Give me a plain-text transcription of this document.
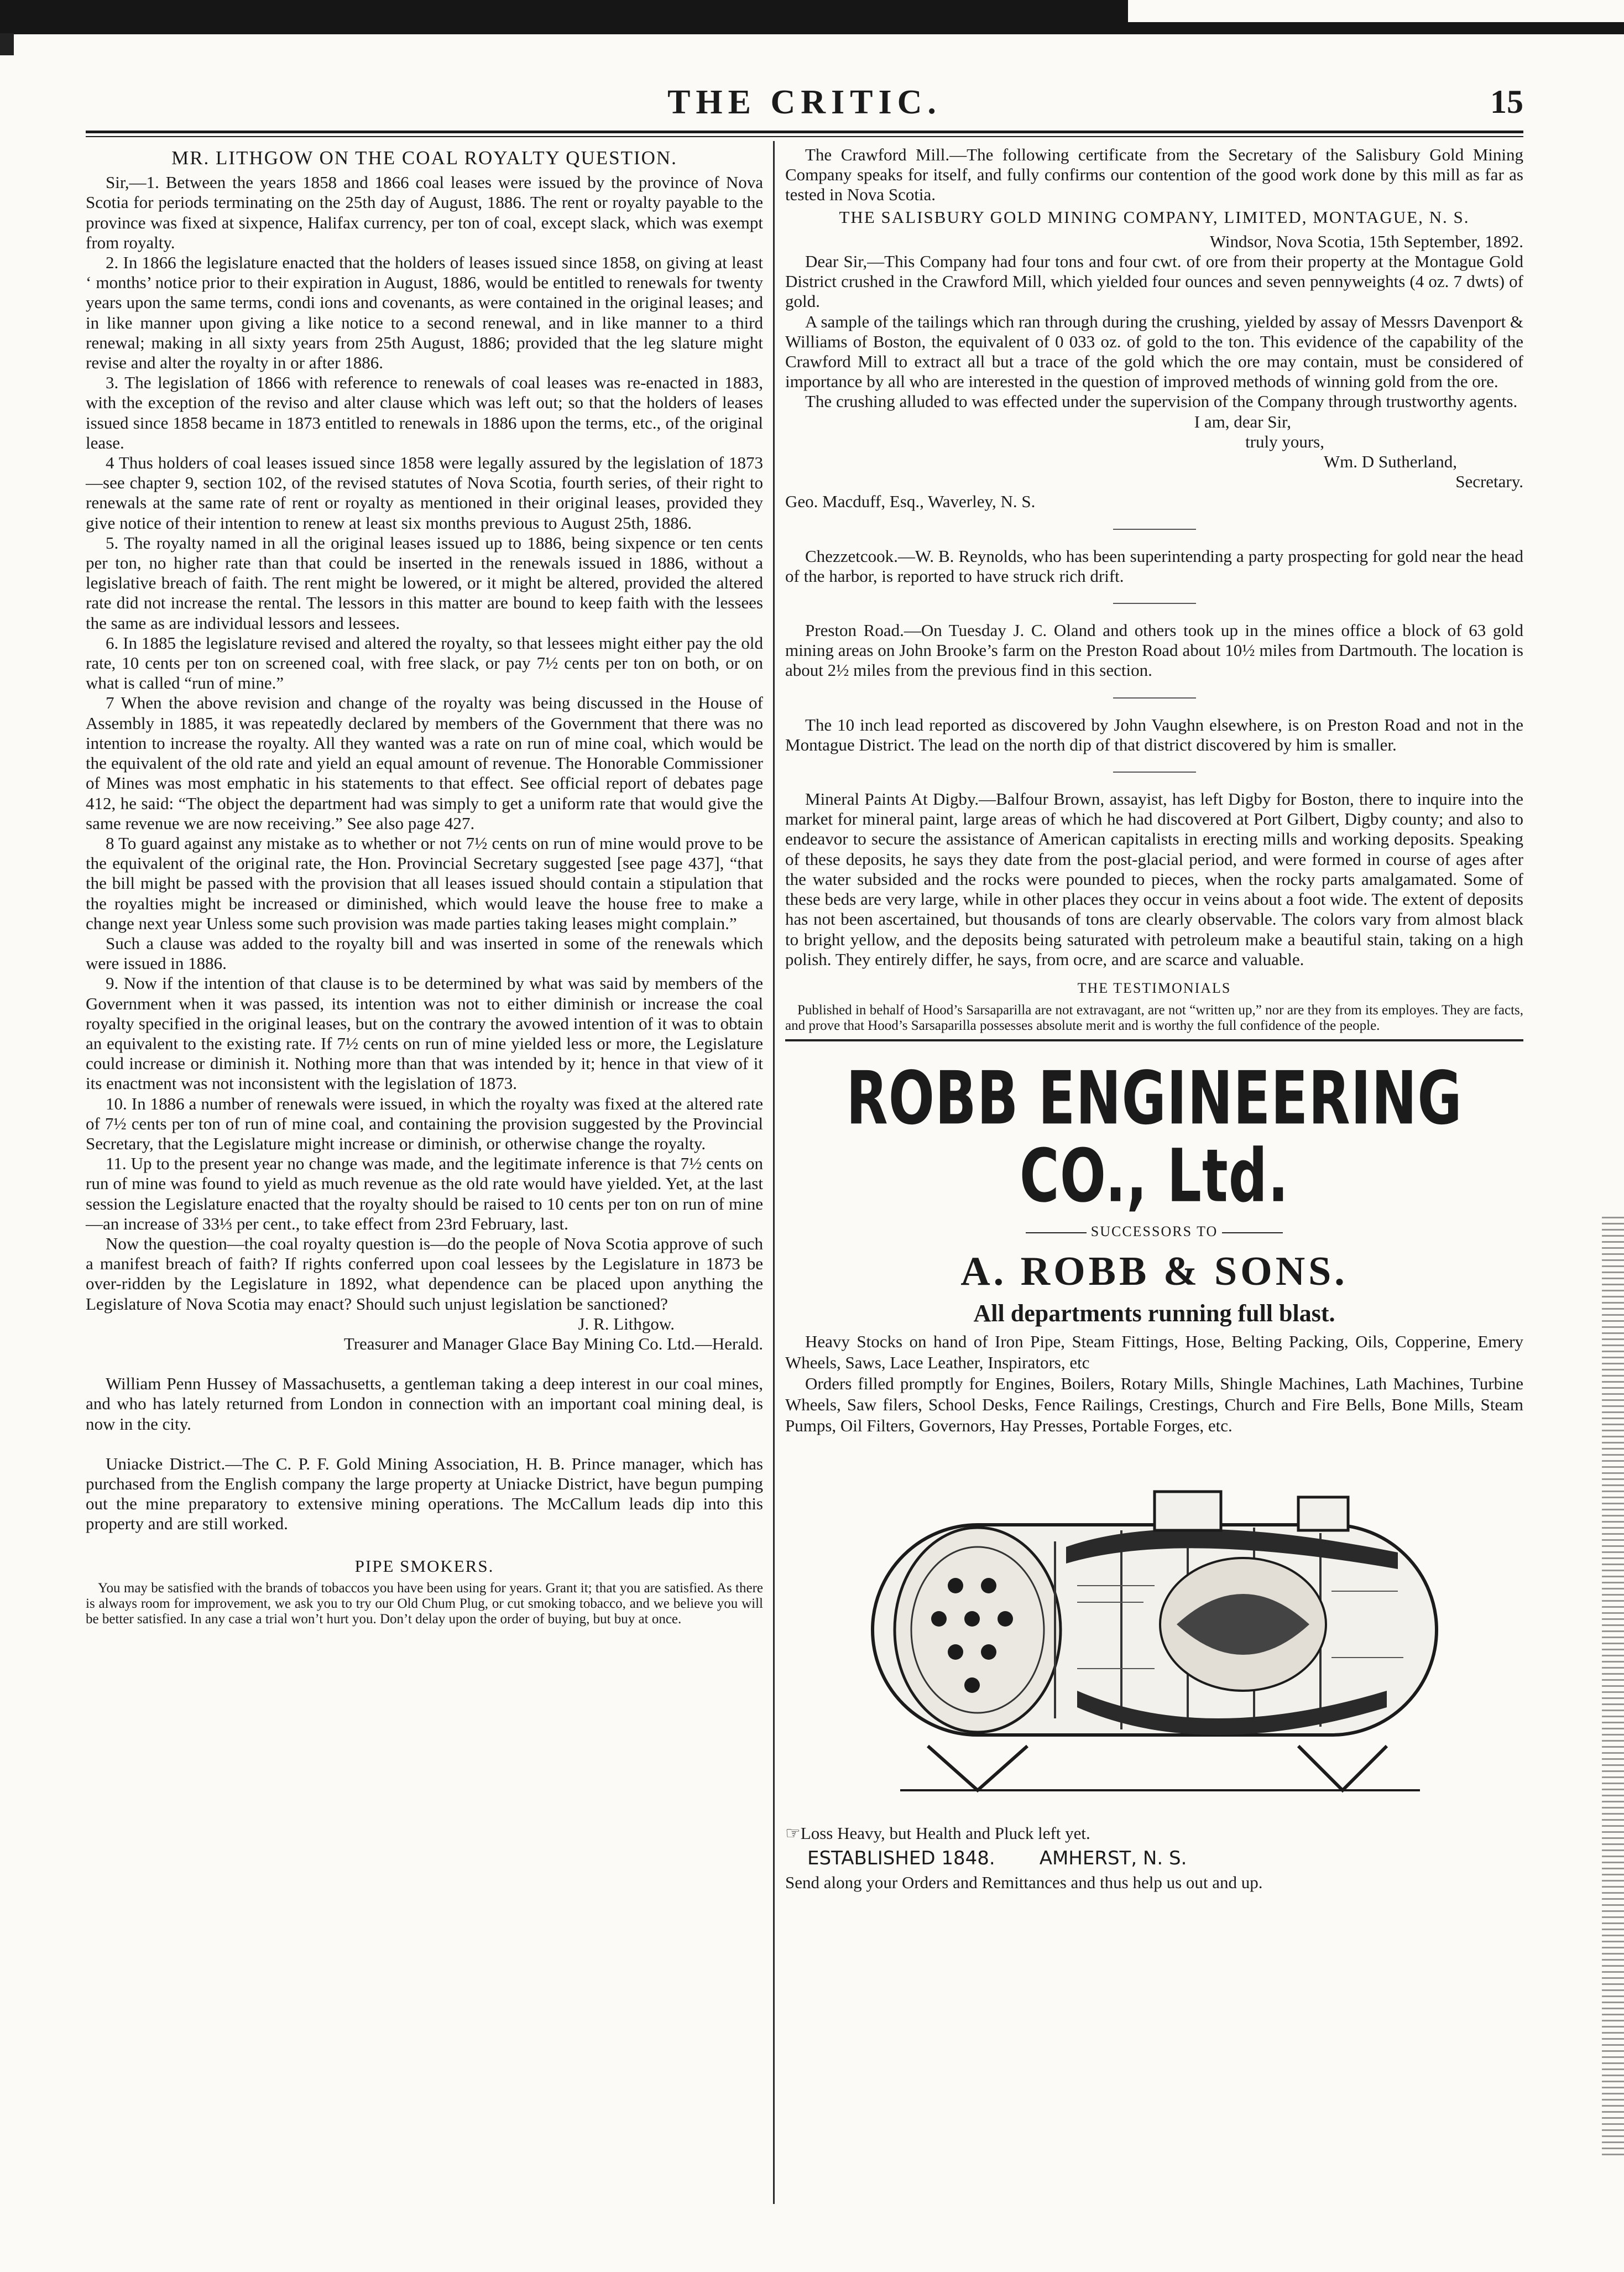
THE CRITIC.	15
MR. LITHGOW ON THE COAL ROYALTY QUESTION.

Sir,—1. Between the years 1858 and 1866 coal leases were issued by the province of Nova Scotia for periods terminating on the 25th day of August, 1886. The rent or royalty payable to the province was fixed at sixpence, Halifax currency, per ton of coal, except slack, which was exempt from royalty.

2. In 1866 the legislature enacted that the holders of leases issued since 1858, on giving at least ‘ months’ notice prior to their expiration in August, 1886, would be entitled to renewals for twenty years upon the same terms, condi ions and covenants, as were contained in the original leases; and in like manner upon giving a like notice to a second renewal, and in like manner to a third renewal; making in all sixty years from 25th August, 1886; provided that the leg slature might revise and alter the royalty in or after 1886.

3. The legislation of 1866 with reference to renewals of coal leases was re-enacted in 1883, with the exception of the reviso and alter clause which was left out; so that the holders of leases issued since 1858 became in 1873 entitled to renewals in 1886 upon the terms, etc., of the original lease.

4 Thus holders of coal leases issued since 1858 were legally assured by the legislation of 1873—see chapter 9, section 102, of the revised statutes of Nova Scotia, fourth series, of their right to renewals at the same rate of rent or royalty as mentioned in their original leases, provided they give notice of their intention to renew at least six months previous to August 25th, 1886.

5. The royalty named in all the original leases issued up to 1886, being sixpence or ten cents per ton, no higher rate than that could be inserted in the renewals issued in 1886, without a legislative breach of faith. The rent might be lowered, or it might be altered, provided the altered rate did not increase the rental. The lessors in this matter are bound to keep faith with the lessees the same as are individual lessors and lessees.

6. In 1885 the legislature revised and altered the royalty, so that lessees might either pay the old rate, 10 cents per ton on screened coal, with free slack, or pay 7½ cents per ton on both, or on what is called “run of mine.”

7 When the above revision and change of the royalty was being discussed in the House of Assembly in 1885, it was repeatedly declared by members of the Government that there was no intention to increase the royalty. All they wanted was a rate on run of mine coal, which would be the equivalent of the old rate and yield an equal amount of revenue. The Honorable Commissioner of Mines was most emphatic in his statements to that effect. See official report of debates page 412, he said: “The object the department had was simply to get a uniform rate that would give the same revenue we are now receiving.” See also page 427.

8 To guard against any mistake as to whether or not 7½ cents on run of mine would prove to be the equivalent of the original rate, the Hon. Provincial Secretary suggested [see page 437], “that the bill might be passed with the provision that all leases issued should contain a stipulation that the royalties might be increased or diminished, which would leave the house free to make a change next year Unless some such provision was made parties taking leases might complain.”

Such a clause was added to the royalty bill and was inserted in some of the renewals which were issued in 1886.

9. Now if the intention of that clause is to be determined by what was said by members of the Government when it was passed, its intention was not to either diminish or increase the coal royalty specified in the original leases, but on the contrary the avowed intention of it was to obtain an equivalent to the existing rate. If 7½ cents on run of mine yielded less or more, the Legislature could increase or diminish it. Nothing more than that was intended by it; hence in that view of it its enactment was not inconsistent with the legislation of 1873.

10. In 1886 a number of renewals were issued, in which the royalty was fixed at the altered rate of 7½ cents per ton of run of mine coal, and containing the provision suggested by the Provincial Secretary, that the Legislature might increase or diminish, or otherwise change the royalty.

11. Up to the present year no change was made, and the legitimate inference is that 7½ cents on run of mine was found to yield as much revenue as the old rate would have yielded. Yet, at the last session the Legislature enacted that the royalty should be raised to 10 cents per ton on run of mine—an increase of 33⅓ per cent., to take effect from 23rd February, last.

Now the question—the coal royalty question is—do the people of Nova Scotia approve of such a manifest breach of faith? If rights conferred upon coal lessees by the Legislature in 1873 be over-ridden by the Legislature in 1892, what dependence can be placed upon anything the Legislature of Nova Scotia may enact? Should such unjust legislation be sanctioned?

J. R. Lithgow.

Treasurer and Manager Glace Bay Mining Co. Ltd.—Herald.

William Penn Hussey of Massachusetts, a gentleman taking a deep interest in our coal mines, and who has lately returned from London in connection with an important coal mining deal, is now in the city.

Uniacke District.—The C. P. F. Gold Mining Association, H. B. Prince manager, which has purchased from the English company the large property at Uniacke District, have begun pumping out the mine preparatory to extensive mining operations. The McCallum leads dip into this property and are still worked.

PIPE SMOKERS.

You may be satisfied with the brands of tobaccos you have been using for years. Grant it; that you are satisfied. As there is always room for improvement, we ask you to try our Old Chum Plug, or cut smoking tobacco, and we believe you will be better satisfied. In any case a trial won’t hurt you. Don’t delay upon the order of buying, but buy at once.

The Crawford Mill.—The following certificate from the Secretary of the Salisbury Gold Mining Company speaks for itself, and fully confirms our contention of the good work done by this mill as far as tested in Nova Scotia.

THE SALISBURY GOLD MINING COMPANY, LIMITED, MONTAGUE, N. S.

Windsor, Nova Scotia, 15th September, 1892.

Dear Sir,—This Company had four tons and four cwt. of ore from their property at the Montague Gold District crushed in the Crawford Mill, which yielded four ounces and seven pennyweights (4 oz. 7 dwts) of gold.

A sample of the tailings which ran through during the crushing, yielded by assay of Messrs Davenport & Williams of Boston, the equivalent of 0 033 oz. of gold to the ton. This evidence of the capability of the Crawford Mill to extract all but a trace of the gold which the ore may contain, must be considered of importance by all who are interested in the question of improved methods of winning gold from the ore.

The crushing alluded to was effected under the supervision of the Company through trustworthy agents.

I am, dear Sir,

truly yours,

Wm. D Sutherland,

Secretary.

Geo. Macduff, Esq., Waverley, N. S.

Chezzetcook.—W. B. Reynolds, who has been superintending a party prospecting for gold near the head of the harbor, is reported to have struck rich drift.

Preston Road.—On Tuesday J. C. Oland and others took up in the mines office a block of 63 gold mining areas on John Brooke’s farm on the Preston Road about 10½ miles from Dartmouth. The location is about 2½ miles from the previous find in this section.

The 10 inch lead reported as discovered by John Vaughn elsewhere, is on Preston Road and not in the Montague District. The lead on the north dip of that district discovered by him is smaller.

Mineral Paints At Digby.—Balfour Brown, assayist, has left Digby for Boston, there to inquire into the market for mineral paint, large areas of which he had discovered at Port Gilbert, Digby county; and also to endeavor to secure the assistance of American capitalists in erecting mills and working deposits. Speaking of these deposits, he says they date from the post-glacial period, and were formed in course of ages after the water subsided and the rocks were pounded to pieces, when the rocky parts amalgamated. Some of these beds are very large, while in other places they occur in veins about a foot wide. The extent of deposits has not been ascertained, but thousands of tons are clearly observable. The colors vary from almost black to bright yellow, and the deposits being saturated with petroleum make a beautiful stain, taking on a high polish. They entirely differ, he says, from ocre, and are scarce and valuable.

THE TESTIMONIALS

Published in behalf of Hood’s Sarsaparilla are not extravagant, are not “written up,” nor are they from its employes. They are facts, and prove that Hood’s Sarsaparilla possesses absolute merit and is worthy the full confidence of the people.

ROBB ENGINEERING CO., Ltd.
SUCCESSORS TO
A. ROBB & SONS.
All departments running full blast.

Heavy Stocks on hand of Iron Pipe, Steam Fittings, Hose, Belting Packing, Oils, Copperine, Emery Wheels, Saws, Lace Leather, Inspirators, etc

Orders filled promptly for Engines, Boilers, Rotary Mills, Shingle Machines, Lath Machines, Turbine Wheels, Saw filers, School Desks, Fence Railings, Crestings, Church and Fire Bells, Bone Mills, Steam Pumps, Oil Filters, Governors, Hay Presses, Portable Forges, etc.

☞Loss Heavy, but Health and Pluck left yet.
ESTABLISHED 1848. AMHERST, N. S.
Send along your Orders and Remittances and thus help us out and up.
